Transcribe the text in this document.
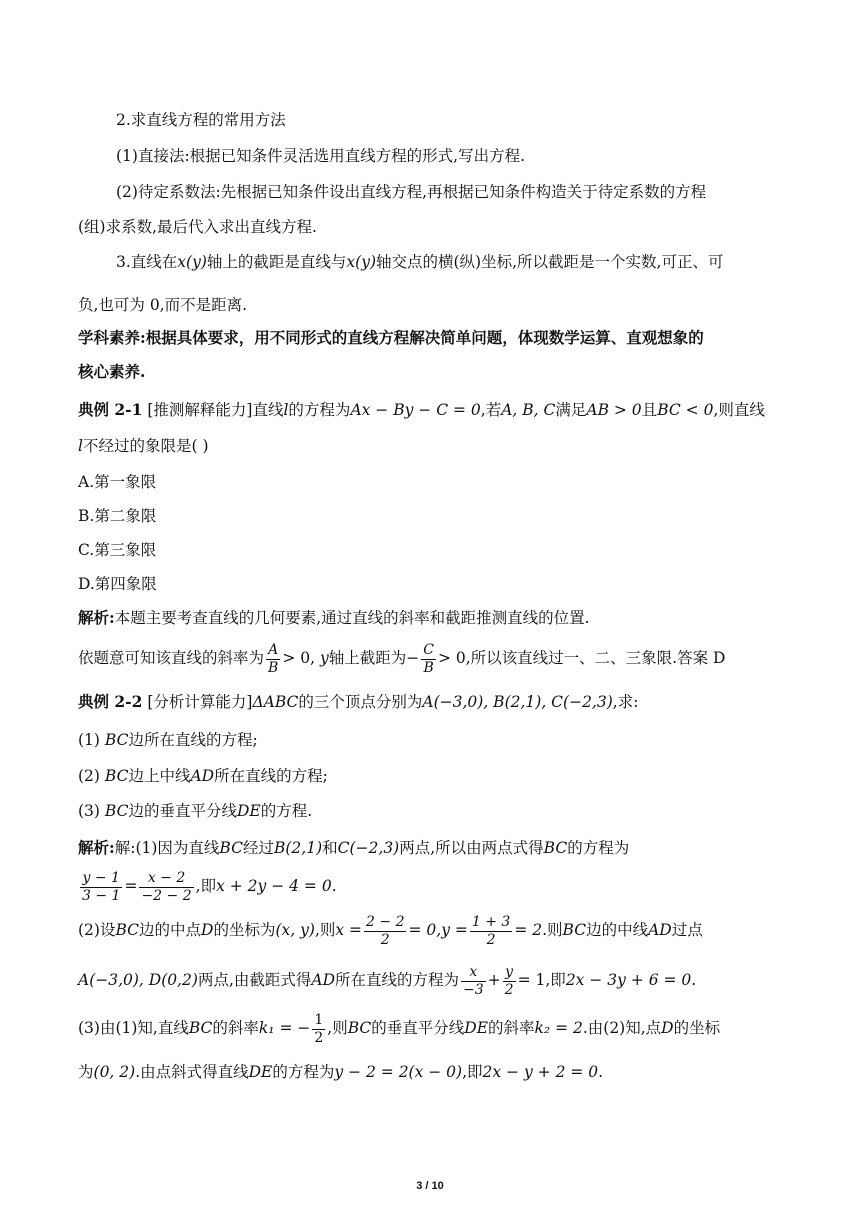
2.求直线方程的常用方法
(1)直接法:根据已知条件灵活选用直线方程的形式,写出方程.
(2)待定系数法:先根据已知条件设出直线方程,再根据已知条件构造关于待定系数的方程
(组)求系数,最后代入求出直线方程.
3.直线在x(y)轴上的截距是直线与x(y)轴交点的横(纵)坐标,所以截距是一个实数,可正、可
负,也可为 0,而不是距离.
学科素养:根据具体要求，用不同形式的直线方程解决简单问题，体现数学运算、直观想象的
核心素养.
典例 2-1 [推测解释能力]直线l的方程为Ax − By − C = 0,若A, B, C满足AB > 0且BC < 0,则直线
l不经过的象限是( )
A.第一象限
B.第二象限
C.第三象限
D.第四象限
解析:本题主要考查直线的几何要素,通过直线的斜率和截距推测直线的位置.
依题意可知该直线的斜率为 $\frac{A}{B} > 0$, y轴上截距为− $\frac{C}{B} > 0$,所以该直线过一、二、三象限.答案 D
典例 2-2 [分析计算能力]ΔABC的三个顶点分别为A(−3,0), B(2,1), C(−2,3),求:
(1) BC边所在直线的方程;
(2) BC边上中线AD所在直线的方程;
(3) BC边的垂直平分线DE的方程.
解析:解:(1)因为直线BC经过B(2,1)和C(−2,3)两点,所以由两点式得BC的方程为
$\frac{y - 1}{3 - 1} = \frac{x - 2}{-2 - 2}$ ,即x + 2y − 4 = 0.
(2)设BC边的中点D的坐标为(x, y),则$x = \frac{2 - 2}{2} = 0,y = \frac{1 + 3}{2} = 2$.则BC边的中线AD过点
A(−3,0), D(0,2)两点,由截距式得AD所在直线的方程为 $\frac{x}{-3} + \frac{y}{2} = 1$,即2x − 3y + 6 = 0.
(3)由(1)知,直线BC的斜率k₁ = − $\frac{1}{2}$ ,则BC的垂直平分线DE的斜率k₂ = 2.由(2)知,点D的坐标
为(0, 2).由点斜式得直线DE的方程为y − 2 = 2(x − 0),即2x − y + 2 = 0.
3 / 10
